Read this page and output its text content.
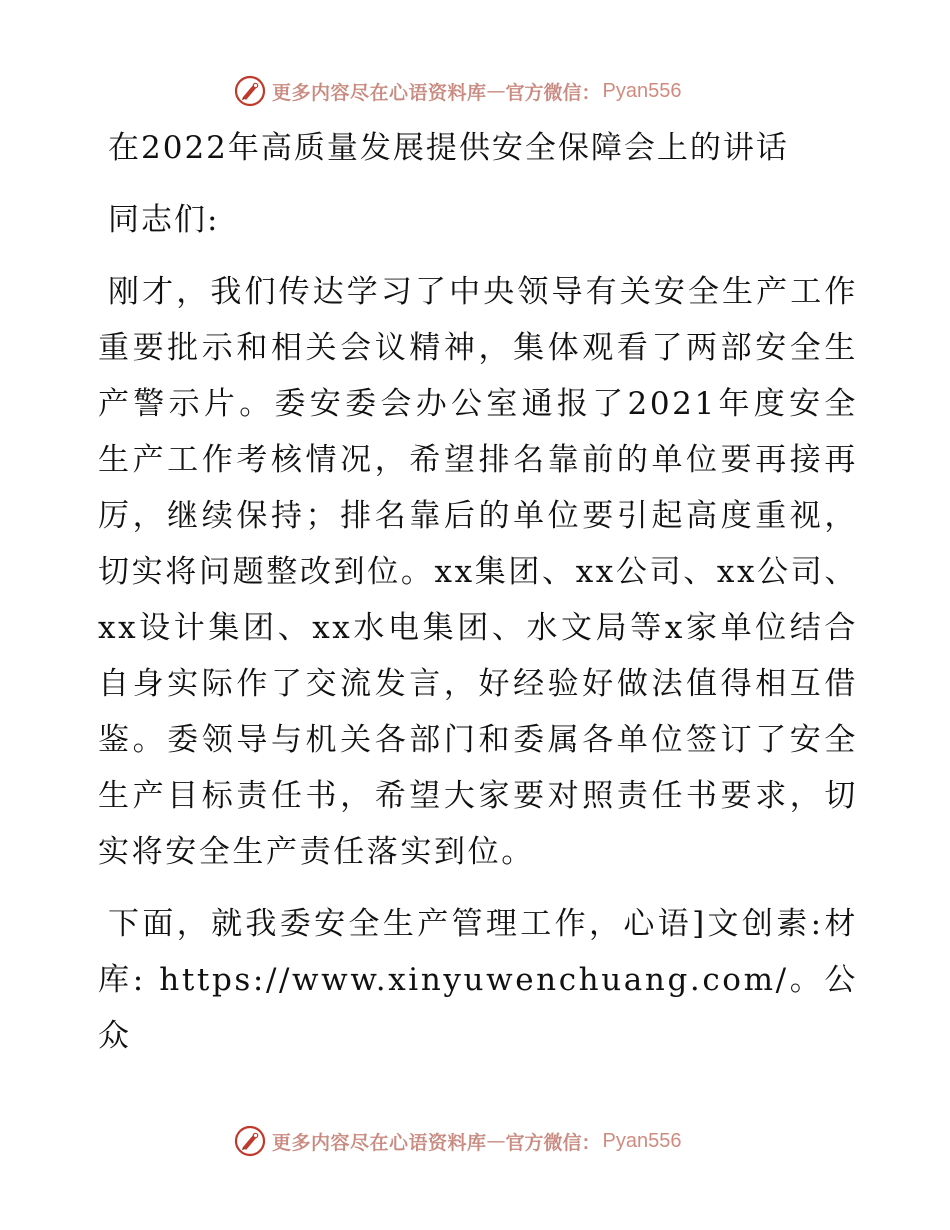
更多内容尽在心语资料库 — 官方微信： Pyan556
在2022年高质量发展提供安全保障会上的讲话

同志们:

刚才，我们传达学习了中央领导有关安全生产工作重要批示和相关会议精神，集体观看了两部安全生产警示片。委安委会办公室通报了2021年度安全生产工作考核情况，希望排名靠前的单位要再接再厉，继续保持；排名靠后的单位要引起高度重视，切实将问题整改到位。xx集团、xx公司、xx公司、xx设计集团、xx水电集团、水文局等x家单位结合自身实际作了交流发言，好经验好做法值得相互借鉴。委领导与机关各部门和委属各单位签订了安全生产目标责任书，希望大家要对照责任书要求，切实将安全生产责任落实到位。

下面，就我委安全生产管理工作，心语]文创素:材库: https://www.xinyuwenchuang.com/。公众

更多内容尽在心语资料库 — 官方微信： Pyan556
